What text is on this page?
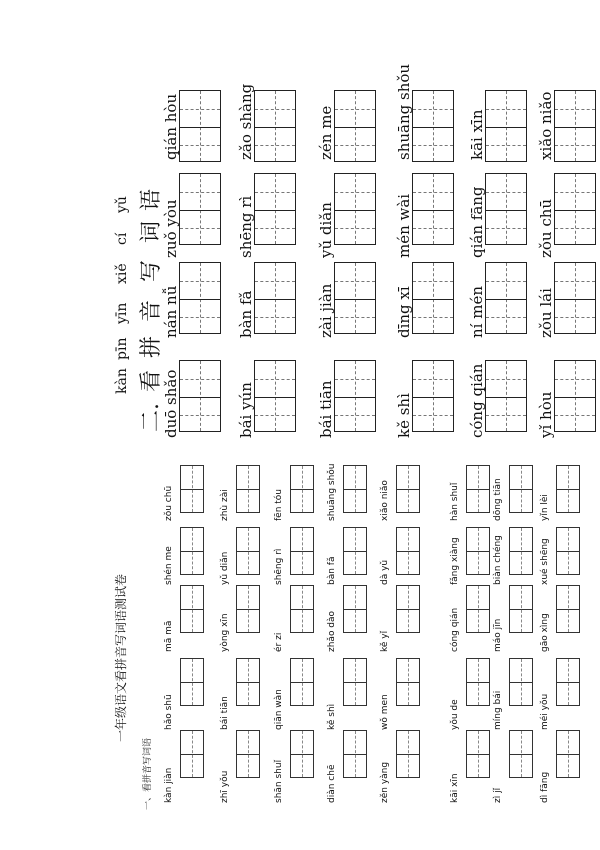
duō shǎo
nán nǚ
zuǒ yòu
qián hòu
bái yún
bàn fǎ
shēng rì
zǎo shàng
bái tiān
zài jiàn
yǔ diǎn
zén me
kě shì
dīng xī
mén wài
shuāng shǒu
cóng qián
ní mén
qián fāng
kāi xīn
yǐ hòu
zǒu lái
zǒu chū
xiǎo niǎo
二.
看
kàn
拼
pīn
音
yīn
写
xiě
词
cí
语
yǔ
一年级语文看拼音写词语测试卷
一、看拼音写词语 kàn jiàn
hǎo shū
mā mā
shén me
zǒu chū
zhī yǒu
bái tiān
yòng xīn
yǔ diǎn
zhù zài
shān shuǐ
qiān wàn
ér zi
shēng rì
fēn tóu
diàn chē
kě shì
zhǎo dào
bàn fǎ
shuāng shǒu
zěn yàng
wǒ men
kě yǐ
dà yǔ
xiǎo niǎo
kāi xīn
yǒu de
cóng qián
fǎng xiàng
hàn shuǐ
zì jǐ
míng bái
máo jīn
biàn chéng
dōng tiān
dì fāng
méi yǒu
gāo xìng
xué shēng
yǐn lèi
